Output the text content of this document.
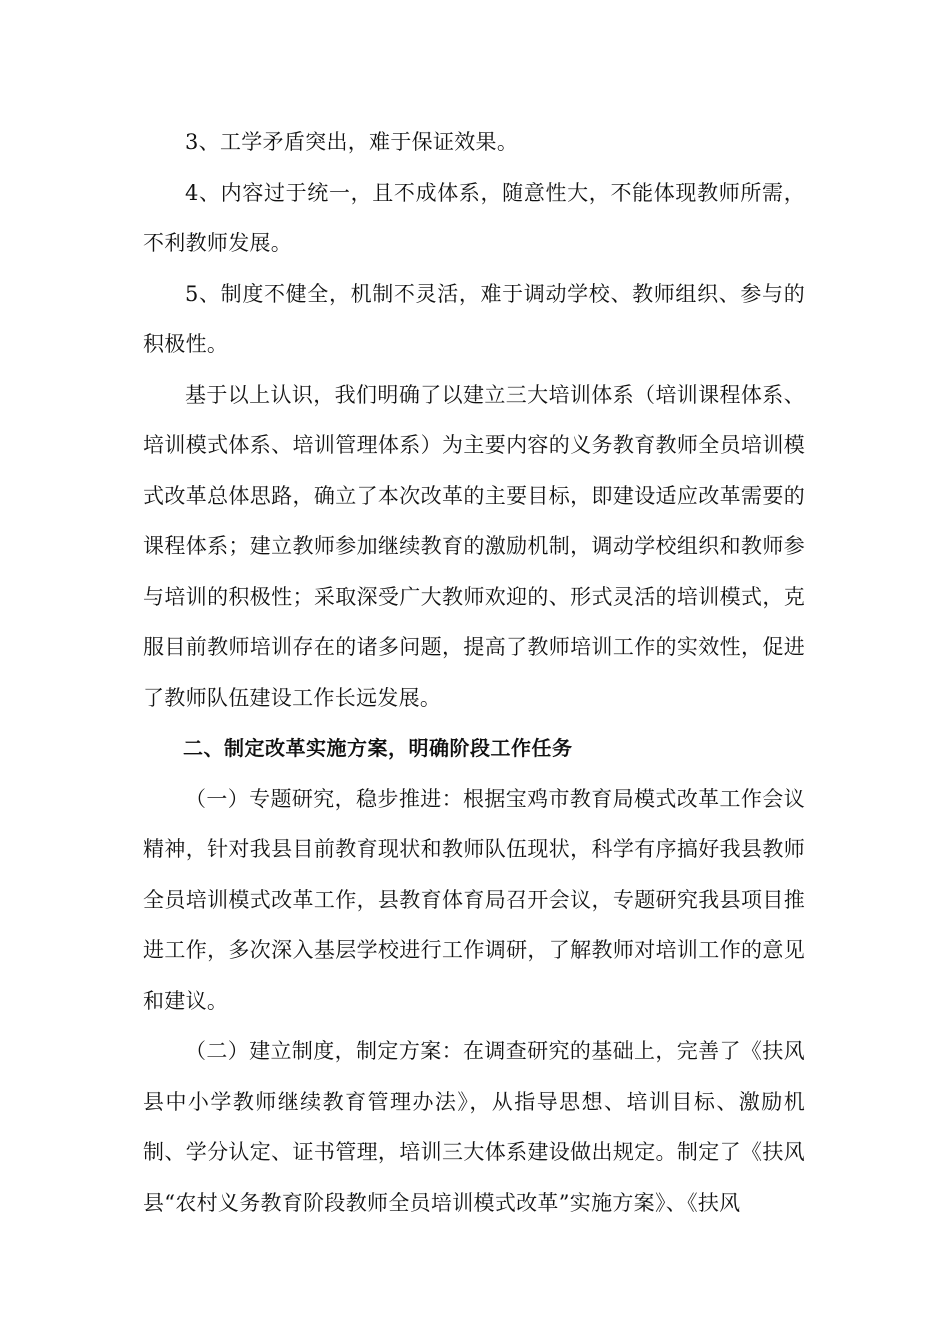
3、工学矛盾突出，难于保证效果。

4、内容过于统一，且不成体系，随意性大，不能体现教师所需，不利教师发展。

5、制度不健全，机制不灵活，难于调动学校、教师组织、参与的积极性。

基于以上认识，我们明确了以建立三大培训体系（培训课程体系、培训模式体系、培训管理体系）为主要内容的义务教育教师全员培训模式改革总体思路，确立了本次改革的主要目标，即建设适应改革需要的课程体系；建立教师参加继续教育的激励机制，调动学校组织和教师参与培训的积极性；采取深受广大教师欢迎的、形式灵活的培训模式，克服目前教师培训存在的诸多问题，提高了教师培训工作的实效性，促进了教师队伍建设工作长远发展。

二、制定改革实施方案，明确阶段工作任务

（一）专题研究，稳步推进：根据宝鸡市教育局模式改革工作会议精神，针对我县目前教育现状和教师队伍现状，科学有序搞好我县教师全员培训模式改革工作，县教育体育局召开会议，专题研究我县项目推进工作，多次深入基层学校进行工作调研，了解教师对培训工作的意见和建议。

（二）建立制度，制定方案：在调查研究的基础上，完善了《扶风县中小学教师继续教育管理办法》，从指导思想、培训目标、激励机制、学分认定、证书管理，培训三大体系建设做出规定。制定了《扶风县“农村义务教育阶段教师全员培训模式改革”实施方案》、《扶风
